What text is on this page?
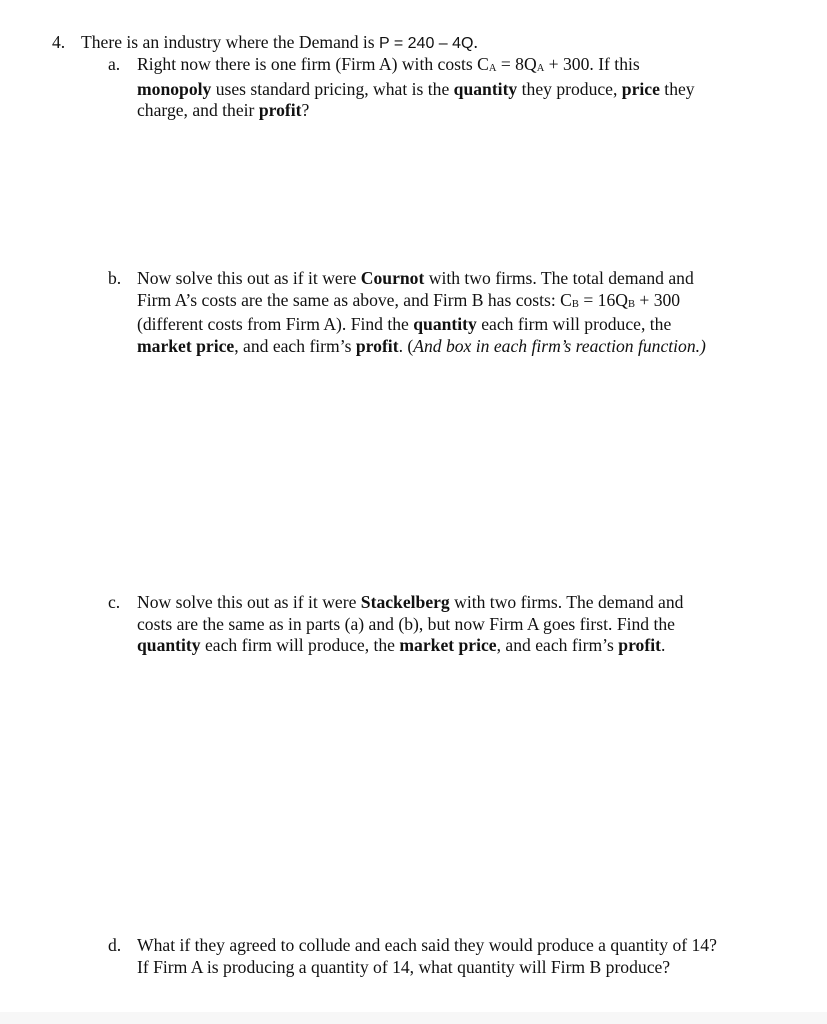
4. There is an industry where the Demand is P = 240 – 4Q.
a. Right now there is one firm (Firm A) with costs CA = 8QA + 300. If this
monopoly uses standard pricing, what is the quantity they produce, price they
charge, and their profit?
b. Now solve this out as if it were Cournot with two firms. The total demand and
Firm A’s costs are the same as above, and Firm B has costs: CB = 16QB + 300
(different costs from Firm A). Find the quantity each firm will produce, the
market price, and each firm’s profit. (And box in each firm’s reaction function.)
c. Now solve this out as if it were Stackelberg with two firms. The demand and
costs are the same as in parts (a) and (b), but now Firm A goes first. Find the
quantity each firm will produce, the market price, and each firm’s profit.
d. What if they agreed to collude and each said they would produce a quantity of 14?
If Firm A is producing a quantity of 14, what quantity will Firm B produce?
